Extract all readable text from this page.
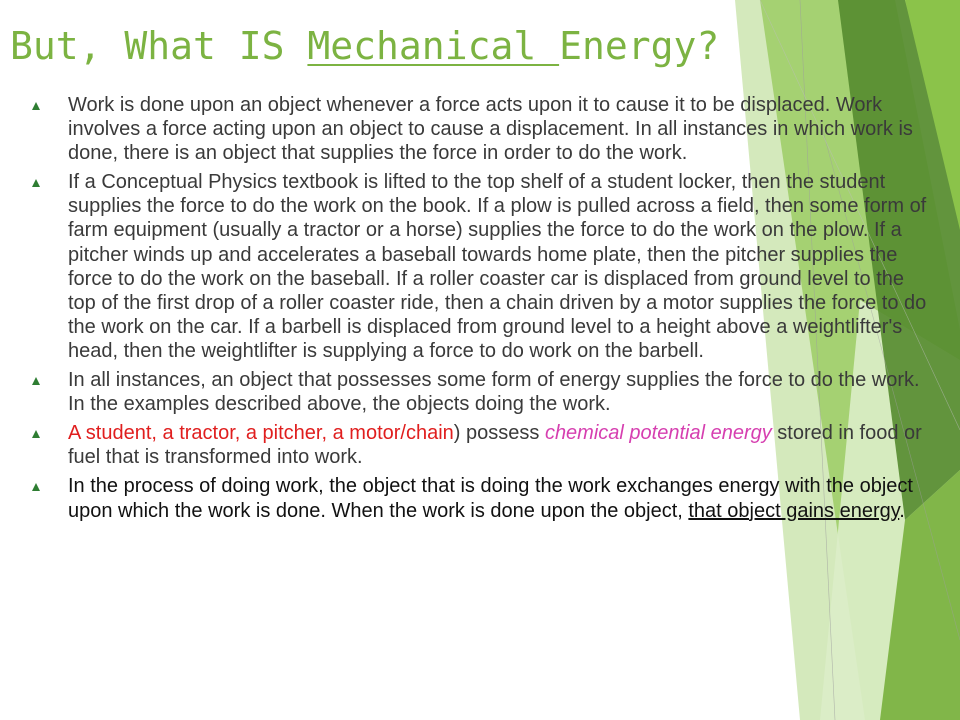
But, What IS Mechanical Energy?
Work is done upon an object whenever a force acts upon it to cause it to be displaced. Work involves a force acting upon an object to cause a displacement. In all instances in which work is done, there is an object that supplies the force in order to do the work.
If a Conceptual Physics textbook is lifted to the top shelf of a student locker, then the student supplies the force to do the work on the book. If a plow is pulled across a field, then some form of farm equipment (usually a tractor or a horse) supplies the force to do the work on the plow. If a pitcher winds up and accelerates a baseball towards home plate, then the pitcher supplies the force to do the work on the baseball. If a roller coaster car is displaced from ground level to the top of the first drop of a roller coaster ride, then a chain driven by a motor supplies the force to do the work on the car. If a barbell is displaced from ground level to a height above a weightlifter's head, then the weightlifter is supplying a force to do work on the barbell.
In all instances, an object that possesses some form of energy supplies the force to do the work. In the examples described above, the objects doing the work.
A student, a tractor, a pitcher, a motor/chain) possess chemical potential energy stored in food or fuel that is transformed into work.
In the process of doing work, the object that is doing the work exchanges energy with the object upon which the work is done. When the work is done upon the object, that object gains energy.
